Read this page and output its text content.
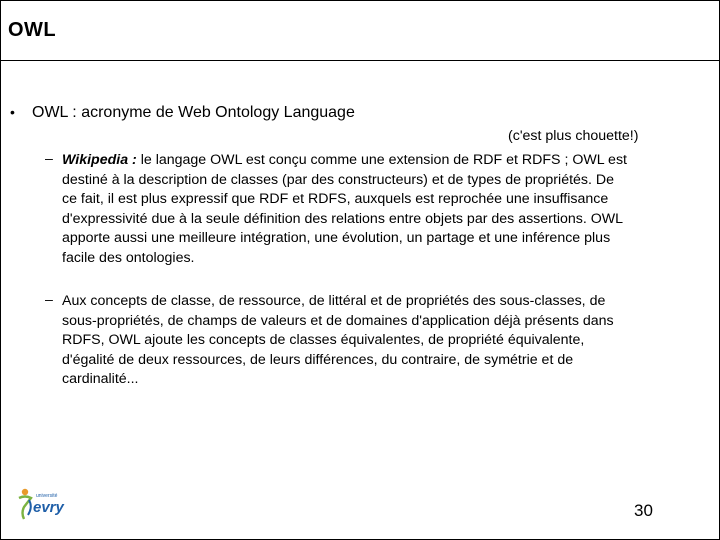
OWL
• OWL : acronyme de Web Ontology Language
(c'est plus chouette!)
– Wikipedia : le langage OWL est conçu comme une extension de RDF et RDFS ; OWL est
destiné à la description de classes (par des constructeurs) et de types de propriétés. De
ce fait, il est plus expressif que RDF et RDFS, auxquels est reprochée une insuffisance
d'expressivité due à la seule définition des relations entre objets par des assertions. OWL
apporte aussi une meilleure intégration, une évolution, un partage et une inférence plus
facile des ontologies.
– Aux concepts de classe, de ressource, de littéral et de propriétés des sous-classes, de
sous-propriétés, de champs de valeurs et de domaines d'application déjà présents dans
RDFS, OWL ajoute les concepts de classes équivalentes, de propriété équivalente,
d'égalité de deux ressources, de leurs différences, du contraire, de symétrie et de
cardinalité...
université
evry	30
